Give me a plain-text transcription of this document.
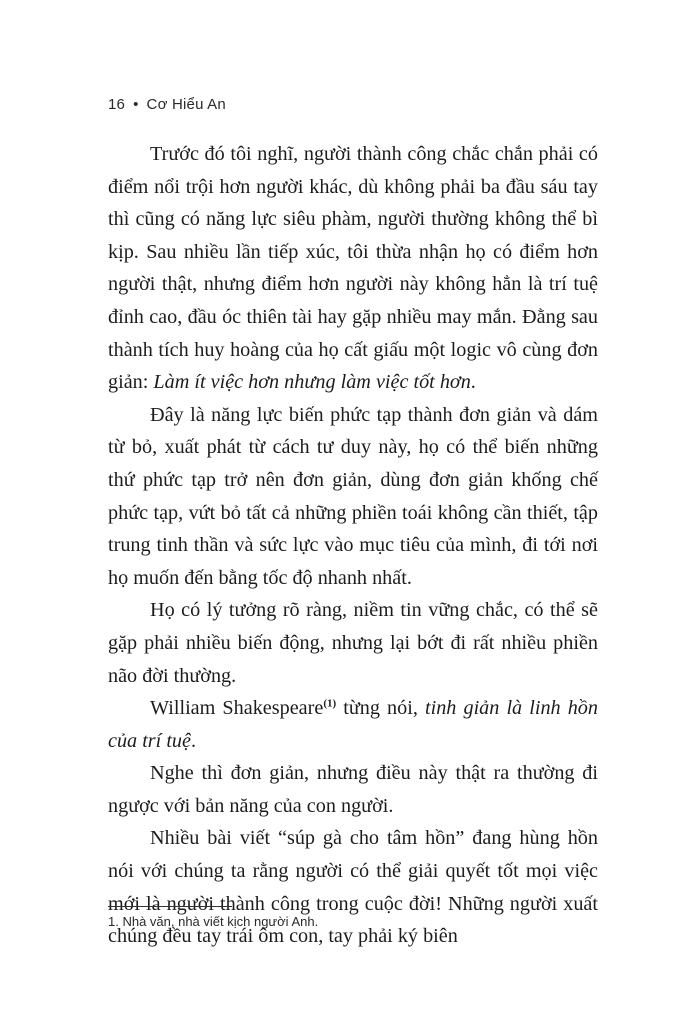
16 • Cơ Hiểu An

Trước đó tôi nghĩ, người thành công chắc chắn phải có điểm nổi trội hơn người khác, dù không phải ba đầu sáu tay thì cũng có năng lực siêu phàm, người thường không thể bì kịp. Sau nhiều lần tiếp xúc, tôi thừa nhận họ có điểm hơn người thật, nhưng điểm hơn người này không hẳn là trí tuệ đỉnh cao, đầu óc thiên tài hay gặp nhiều may mắn. Đằng sau thành tích huy hoàng của họ cất giấu một logic vô cùng đơn giản: Làm ít việc hơn nhưng làm việc tốt hơn.

Đây là năng lực biến phức tạp thành đơn giản và dám từ bỏ, xuất phát từ cách tư duy này, họ có thể biến những thứ phức tạp trở nên đơn giản, dùng đơn giản khống chế phức tạp, vứt bỏ tất cả những phiền toái không cần thiết, tập trung tinh thần và sức lực vào mục tiêu của mình, đi tới nơi họ muốn đến bằng tốc độ nhanh nhất.

Họ có lý tưởng rõ ràng, niềm tin vững chắc, có thể sẽ gặp phải nhiều biến động, nhưng lại bớt đi rất nhiều phiền não đời thường.

William Shakespeare$^{(1)}$ từng nói, tinh giản là linh hồn của trí tuệ.

Nghe thì đơn giản, nhưng điều này thật ra thường đi ngược với bản năng của con người.

Nhiều bài viết “súp gà cho tâm hồn” đang hùng hồn nói với chúng ta rằng người có thể giải quyết tốt mọi việc mới là người thành công trong cuộc đời! Những người xuất chúng đều tay trái ôm con, tay phải ký biên

1. Nhà văn, nhà viết kịch người Anh.
